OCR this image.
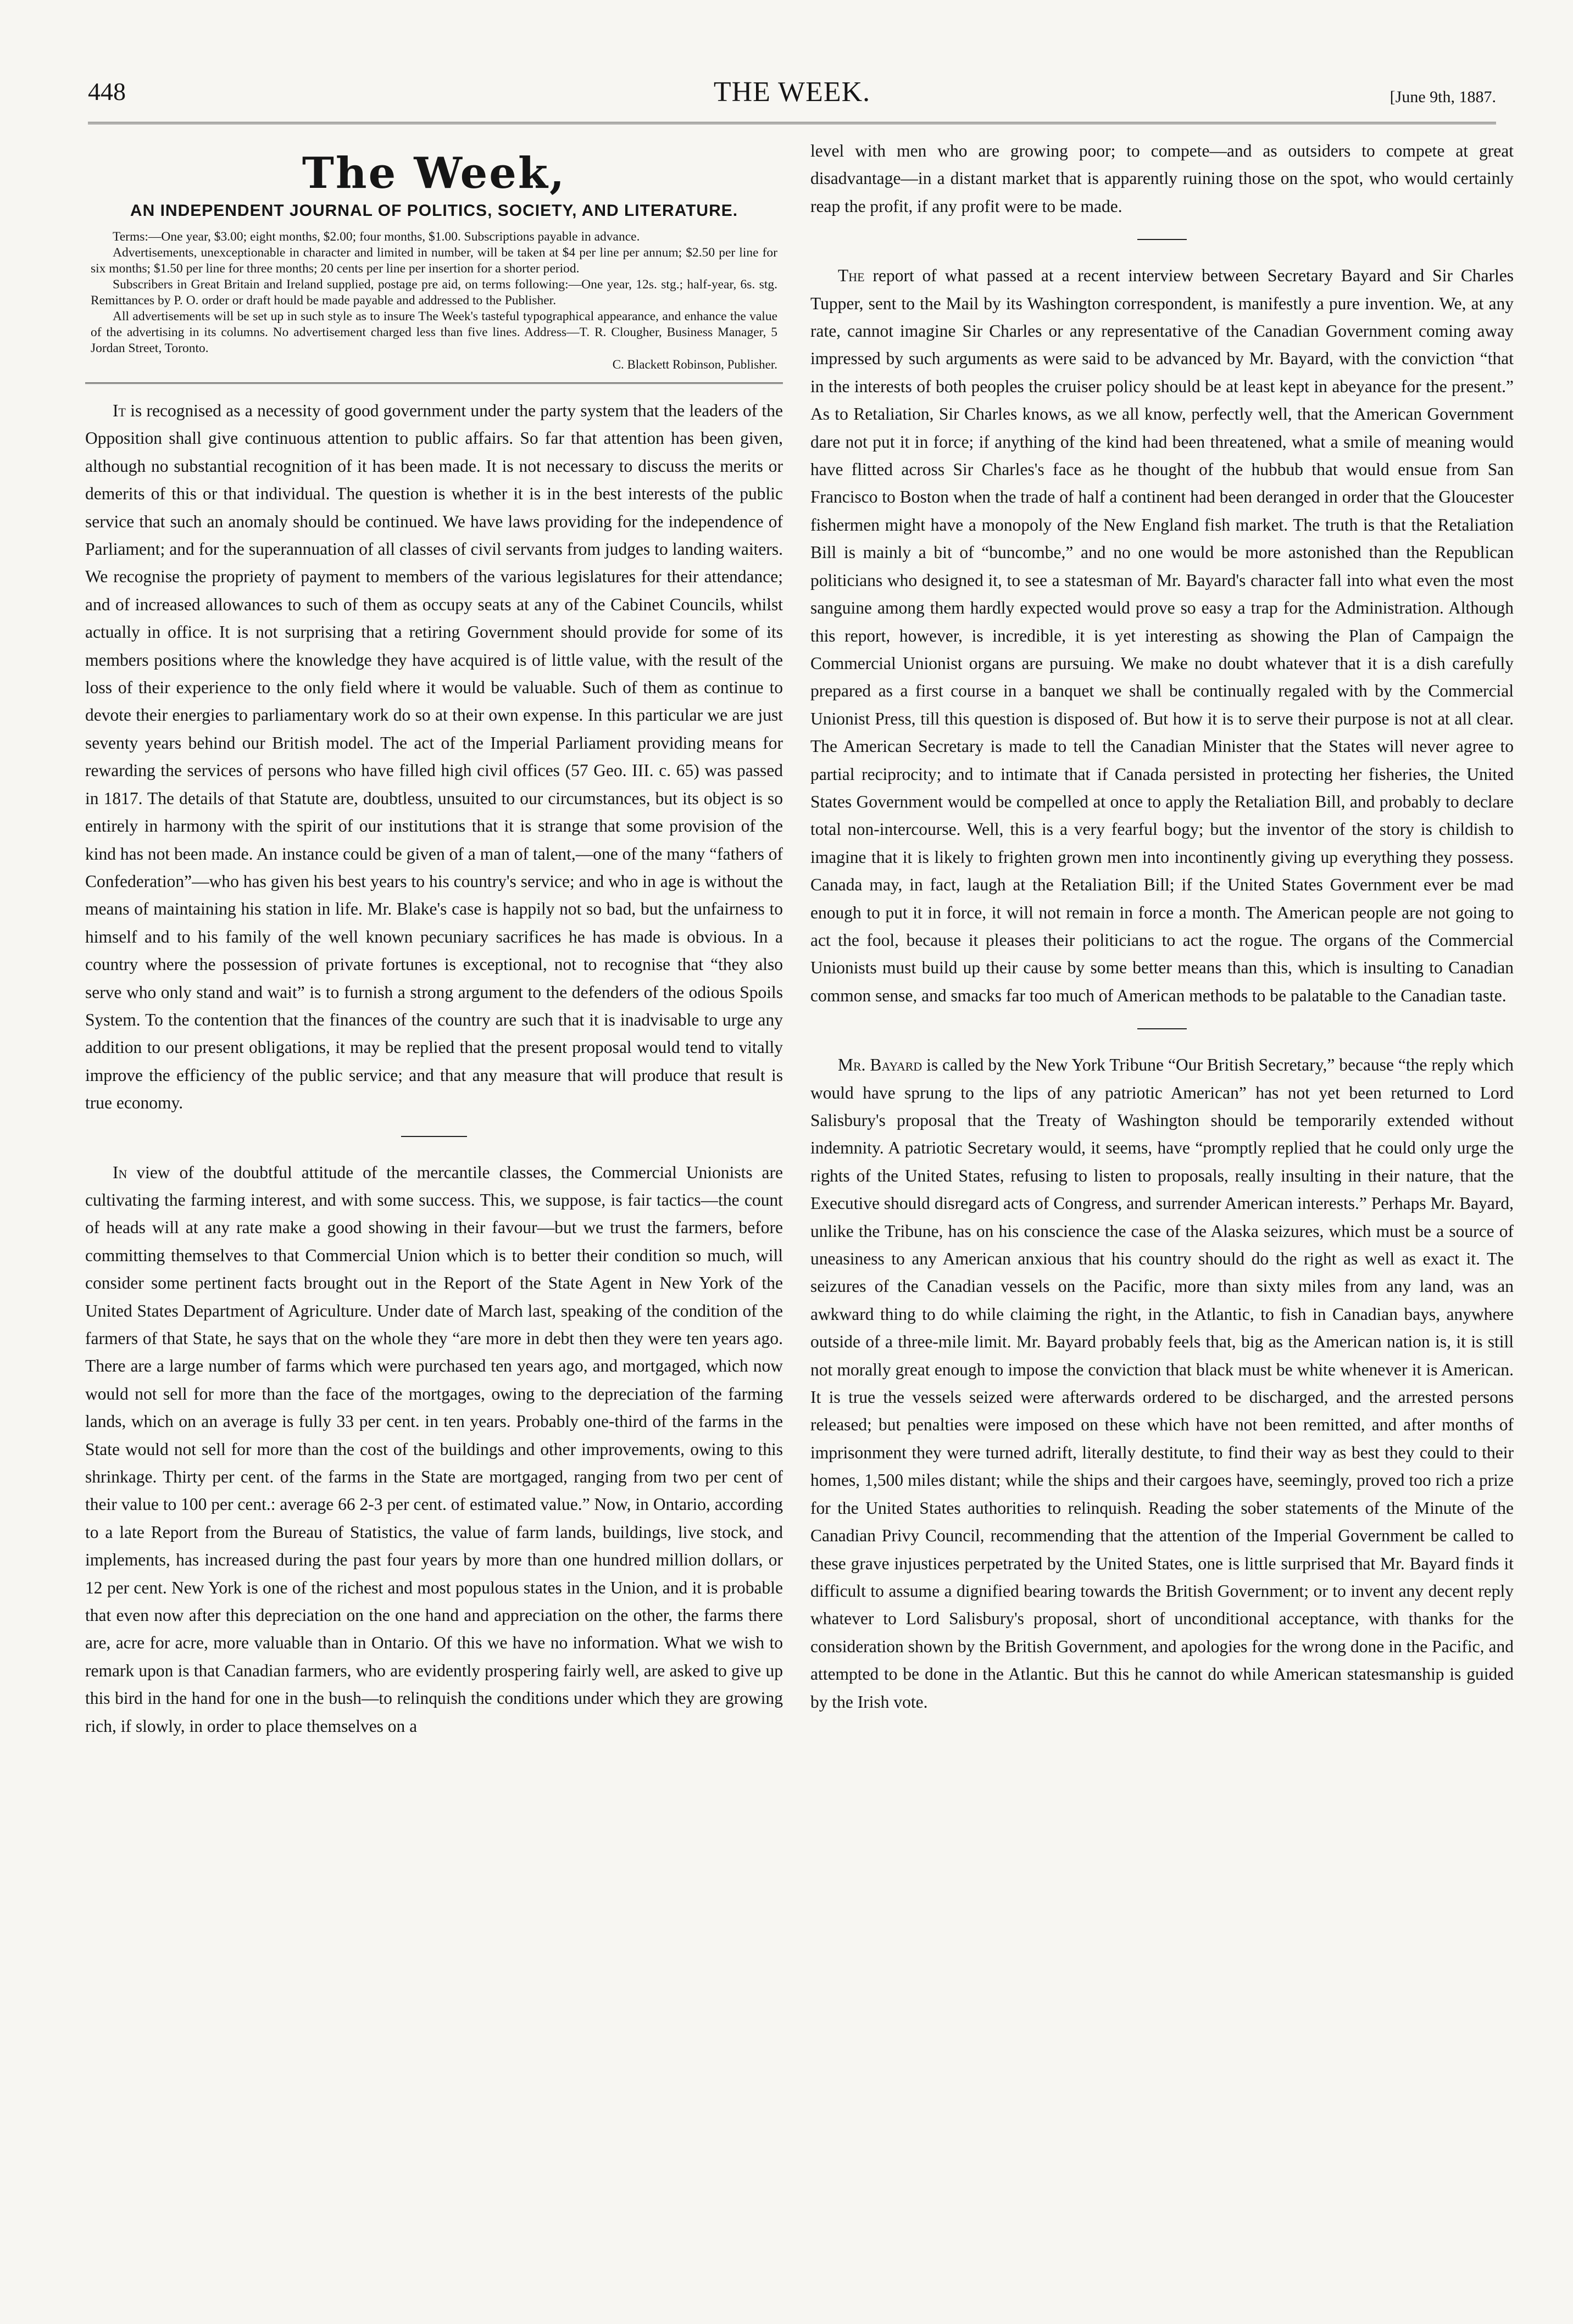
448	THE WEEK.	[June 9th, 1887.
The Week,
AN INDEPENDENT JOURNAL OF POLITICS, SOCIETY, AND LITERATURE.

Terms:—One year, $3.00; eight months, $2.00; four months, $1.00. Subscriptions payable in advance.

Advertisements, unexceptionable in character and limited in number, will be taken at $4 per line per annum; $2.50 per line for six months; $1.50 per line for three months; 20 cents per line per insertion for a shorter period.

Subscribers in Great Britain and Ireland supplied, postage pre aid, on terms following:—One year, 12s. stg.; half-year, 6s. stg. Remittances by P. O. order or draft hould be made payable and addressed to the Publisher.

All advertisements will be set up in such style as to insure The Week's tasteful typographical appearance, and enhance the value of the advertising in its columns. No advertisement charged less than five lines. Address—T. R. Clougher, Business Manager, 5 Jordan Street, Toronto.

C. Blackett Robinson, Publisher.

It is recognised as a necessity of good government under the party system that the leaders of the Opposition shall give continuous attention to public affairs. So far that attention has been given, although no substantial recognition of it has been made. It is not necessary to discuss the merits or demerits of this or that individual. The question is whether it is in the best interests of the public service that such an anomaly should be continued. We have laws providing for the independence of Parliament; and for the superannuation of all classes of civil servants from judges to landing waiters. We recognise the propriety of payment to members of the various legislatures for their attendance; and of increased allowances to such of them as occupy seats at any of the Cabinet Councils, whilst actually in office. It is not surprising that a retiring Government should provide for some of its members positions where the knowledge they have acquired is of little value, with the result of the loss of their experience to the only field where it would be valuable. Such of them as continue to devote their energies to parliamentary work do so at their own expense. In this particular we are just seventy years behind our British model. The act of the Imperial Parliament providing means for rewarding the services of persons who have filled high civil offices (57 Geo. III. c. 65) was passed in 1817. The details of that Statute are, doubtless, unsuited to our circumstances, but its object is so entirely in harmony with the spirit of our institutions that it is strange that some provision of the kind has not been made. An instance could be given of a man of talent,—one of the many “fathers of Confederation”—who has given his best years to his country's service; and who in age is without the means of maintaining his station in life. Mr. Blake's case is happily not so bad, but the unfairness to himself and to his family of the well known pecuniary sacrifices he has made is obvious. In a country where the possession of private fortunes is exceptional, not to recognise that “they also serve who only stand and wait” is to furnish a strong argument to the defenders of the odious Spoils System. To the contention that the finances of the country are such that it is inadvisable to urge any addition to our present obligations, it may be replied that the present proposal would tend to vitally improve the efficiency of the public service; and that any measure that will produce that result is true economy.

In view of the doubtful attitude of the mercantile classes, the Commercial Unionists are cultivating the farming interest, and with some success. This, we suppose, is fair tactics—the count of heads will at any rate make a good showing in their favour—but we trust the farmers, before committing themselves to that Commercial Union which is to better their condition so much, will consider some pertinent facts brought out in the Report of the State Agent in New York of the United States Department of Agriculture. Under date of March last, speaking of the condition of the farmers of that State, he says that on the whole they “are more in debt then they were ten years ago. There are a large number of farms which were purchased ten years ago, and mortgaged, which now would not sell for more than the face of the mortgages, owing to the depreciation of the farming lands, which on an average is fully 33 per cent. in ten years. Probably one-third of the farms in the State would not sell for more than the cost of the buildings and other improvements, owing to this shrinkage. Thirty per cent. of the farms in the State are mortgaged, ranging from two per cent of their value to 100 per cent.: average 66 2-3 per cent. of estimated value.” Now, in Ontario, according to a late Report from the Bureau of Statistics, the value of farm lands, buildings, live stock, and implements, has increased during the past four years by more than one hundred million dollars, or 12 per cent. New York is one of the richest and most populous states in the Union, and it is probable that even now after this depreciation on the one hand and appreciation on the other, the farms there are, acre for acre, more valuable than in Ontario. Of this we have no information. What we wish to remark upon is that Canadian farmers, who are evidently prospering fairly well, are asked to give up this bird in the hand for one in the bush—to relinquish the conditions under which they are growing rich, if slowly, in order to place themselves on a

level with men who are growing poor; to compete—and as outsiders to compete at great disadvantage—in a distant market that is apparently ruining those on the spot, who would certainly reap the profit, if any profit were to be made.

The report of what passed at a recent interview between Secretary Bayard and Sir Charles Tupper, sent to the Mail by its Washington correspondent, is manifestly a pure invention. We, at any rate, cannot imagine Sir Charles or any representative of the Canadian Government coming away impressed by such arguments as were said to be advanced by Mr. Bayard, with the conviction “that in the interests of both peoples the cruiser policy should be at least kept in abeyance for the present.” As to Retaliation, Sir Charles knows, as we all know, perfectly well, that the American Government dare not put it in force; if anything of the kind had been threatened, what a smile of meaning would have flitted across Sir Charles's face as he thought of the hubbub that would ensue from San Francisco to Boston when the trade of half a continent had been deranged in order that the Gloucester fishermen might have a monopoly of the New England fish market. The truth is that the Retaliation Bill is mainly a bit of “buncombe,” and no one would be more astonished than the Republican politicians who designed it, to see a statesman of Mr. Bayard's character fall into what even the most sanguine among them hardly expected would prove so easy a trap for the Administration. Although this report, however, is incredible, it is yet interesting as showing the Plan of Campaign the Commercial Unionist organs are pursuing. We make no doubt whatever that it is a dish carefully prepared as a first course in a banquet we shall be continually regaled with by the Commercial Unionist Press, till this question is disposed of. But how it is to serve their purpose is not at all clear. The American Secretary is made to tell the Canadian Minister that the States will never agree to partial reciprocity; and to intimate that if Canada persisted in protecting her fisheries, the United States Government would be compelled at once to apply the Retaliation Bill, and probably to declare total non-intercourse. Well, this is a very fearful bogy; but the inventor of the story is childish to imagine that it is likely to frighten grown men into incontinently giving up everything they possess. Canada may, in fact, laugh at the Retaliation Bill; if the United States Government ever be mad enough to put it in force, it will not remain in force a month. The American people are not going to act the fool, because it pleases their politicians to act the rogue. The organs of the Commercial Unionists must build up their cause by some better means than this, which is insulting to Canadian common sense, and smacks far too much of American methods to be palatable to the Canadian taste.

Mr. Bayard is called by the New York Tribune “Our British Secretary,” because “the reply which would have sprung to the lips of any patriotic American” has not yet been returned to Lord Salisbury's proposal that the Treaty of Washington should be temporarily extended without indemnity. A patriotic Secretary would, it seems, have “promptly replied that he could only urge the rights of the United States, refusing to listen to proposals, really insulting in their nature, that the Executive should disregard acts of Congress, and surrender American interests.” Perhaps Mr. Bayard, unlike the Tribune, has on his conscience the case of the Alaska seizures, which must be a source of uneasiness to any American anxious that his country should do the right as well as exact it. The seizures of the Canadian vessels on the Pacific, more than sixty miles from any land, was an awkward thing to do while claiming the right, in the Atlantic, to fish in Canadian bays, anywhere outside of a three-mile limit. Mr. Bayard probably feels that, big as the American nation is, it is still not morally great enough to impose the conviction that black must be white whenever it is American. It is true the vessels seized were afterwards ordered to be discharged, and the arrested persons released; but penalties were imposed on these which have not been remitted, and after months of imprisonment they were turned adrift, literally destitute, to find their way as best they could to their homes, 1,500 miles distant; while the ships and their cargoes have, seemingly, proved too rich a prize for the United States authorities to relinquish. Reading the sober statements of the Minute of the Canadian Privy Council, recommending that the attention of the Imperial Government be called to these grave injustices perpetrated by the United States, one is little surprised that Mr. Bayard finds it difficult to assume a dignified bearing towards the British Government; or to invent any decent reply whatever to Lord Salisbury's proposal, short of unconditional acceptance, with thanks for the consideration shown by the British Government, and apologies for the wrong done in the Pacific, and attempted to be done in the Atlantic. But this he cannot do while American statesmanship is guided by the Irish vote.
